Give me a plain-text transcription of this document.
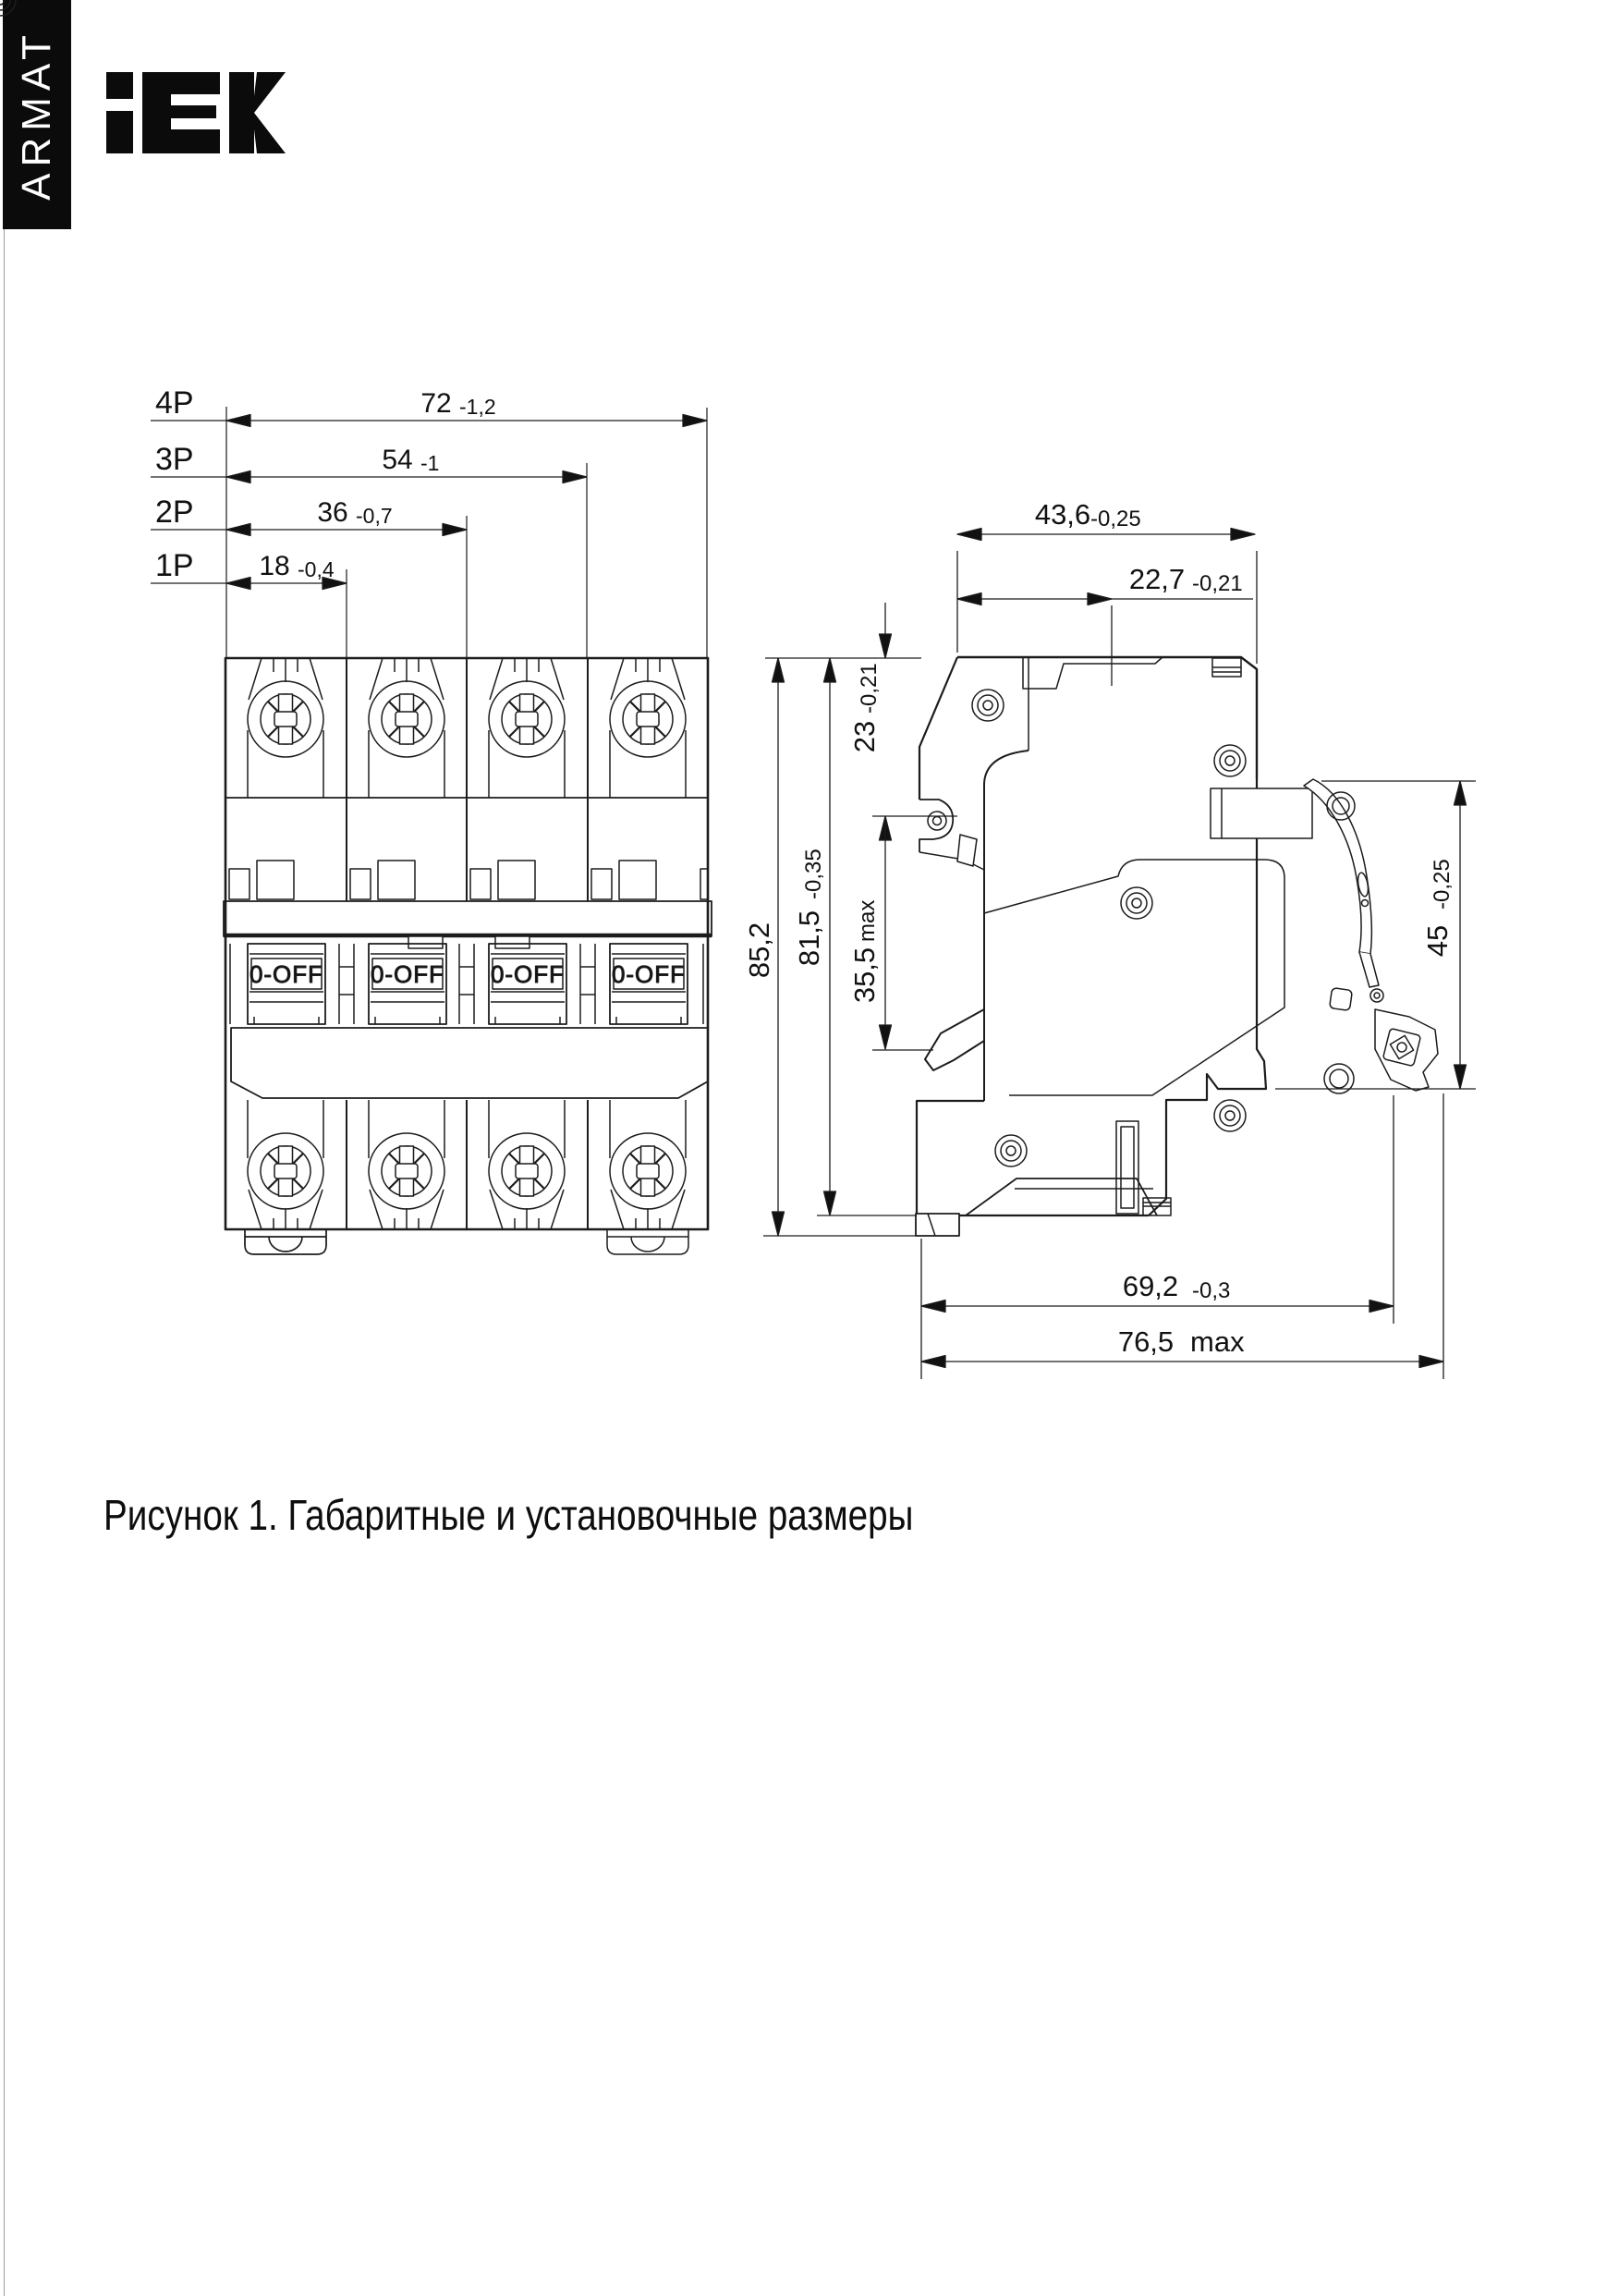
ARMAT
0-OFF 0-OFF 0-OFF 0-OFF
4P	72 -1,2
3P	54 -1
2P	36 -0,7
1P 18 -0,4
43,6 -0,25
22,7 -0,21
23
-0,21
35,5
max
81,5
-0,35
85,2	45
-0,25
69,2 -0,3
76,5 max
Рисунок 1. Габаритные и установочные размеры
